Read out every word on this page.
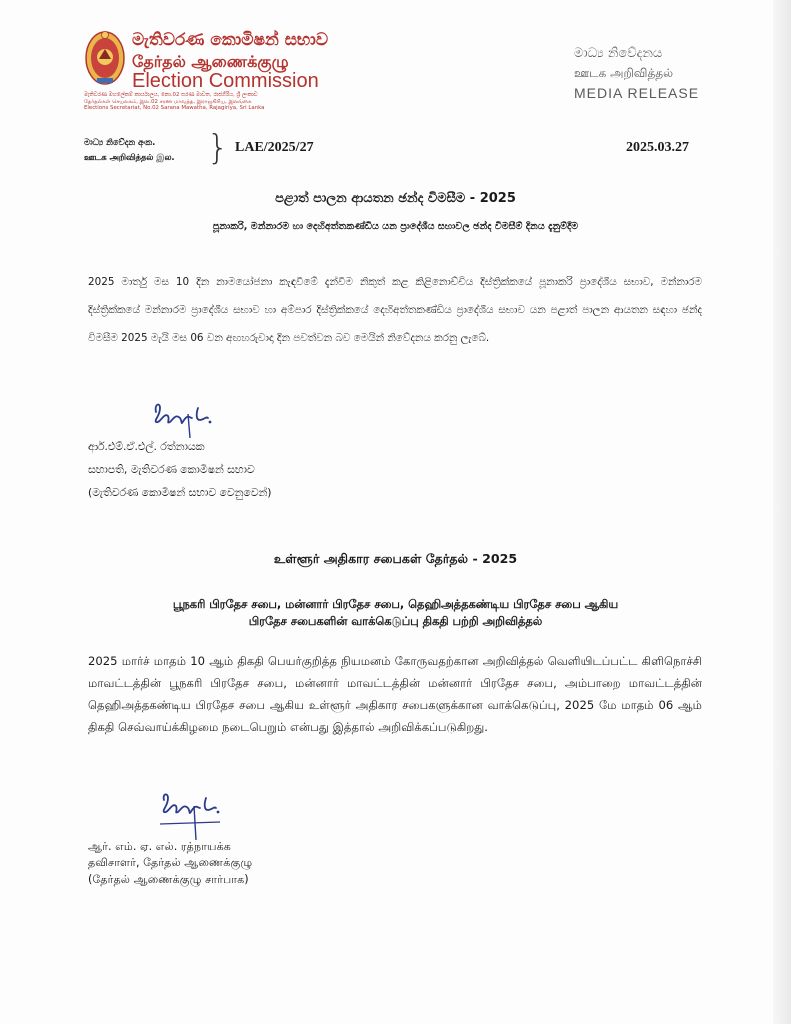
මැතිවරණ කොමිෂන් සභාව
தேர்தல் ஆணைக்குழு
Election Commission
මැතිවරණ මහලේකම් කාර්යාලය, නො.02 සරණ මාවත, රාජගිරිය, ශ්‍රී ලංකාව
தேர்தல்கள் செயலகம், இல.02 சரண மாவத்த, இராஜகிரிய, இலங்கை
Elections Secretariat, No.02 Sarana Mawatha, Rajagiriya, Sri Lanka
මාධ්‍ය නිවේදනය
ஊடக அறிவித்தல்
MEDIA RELEASE
මාධ්‍ය නිවේදන අංක.
ஊடக அறிவித்தல் இல. } LAE/2025/27	2025.03.27
පළාත් පාලන ආයතන ඡන්ද විමසීම - 2025
පූනාකරි, මන්නාරම හා දෙහිඅත්තකණ්ඩිය යන ප්‍රාදේශීය සභාවල ඡන්ද විමසීම් දිනය දැනුම්දීම
2025 මාර්තු මස 10 දින නාමයෝජනා කැඳවීමේ දැන්වීම නිකුත් කළ කිළිනොච්චිය දිස්ත්‍රික්කයේ පූනාකරි ප්‍රාදේශීය සභාව, මන්නාරම දිස්ත්‍රික්කයේ මන්නාරම ප්‍රාදේශීය සභාව හා අම්පාර දිස්ත්‍රික්කයේ දෙහිඅත්තකණ්ඩිය ප්‍රාදේශීය සභාව යන පළාත් පාලන ආයතන සඳහා ඡන්ද විමසීම 2025 මැයි මස 06 වන අඟහරුවාදා දින පවත්වන බව මෙයින් නිවේදනය කරනු ලැබේ.
ආර්.එම්.ඒ.එල්. රත්නායක
සභාපති, මැතිවරණ කොමිෂන් සභාව
(මැතිවරණ කොමිෂන් සභාව වෙනුවෙන්)
உள்ளூர் அதிகார சபைகள் தேர்தல் - 2025
பூநகரி பிரதேச சபை, மன்னார் பிரதேச சபை, தெஹிஅத்தகண்டிய பிரதேச சபை ஆகிய
பிரதேச சபைகளின் வாக்கெடுப்பு திகதி பற்றி அறிவித்தல்
2025 மார்ச் மாதம் 10 ஆம் திகதி பெயர்குறித்த நியமனம் கோருவதற்கான அறிவித்தல் வெளியிடப்பட்ட கிளிநொச்சி மாவட்டத்தின் பூநகரி பிரதேச சபை, மன்னார் மாவட்டத்தின் மன்னார் பிரதேச சபை, அம்பாறை மாவட்டத்தின் தெஹிஅத்தகண்டிய பிரதேச சபை ஆகிய உள்ளூர் அதிகார சபைகளுக்கான வாக்கெடுப்பு, 2025 மே மாதம் 06 ஆம் திகதி செவ்வாய்க்கிழமை நடைபெறும் என்பது இத்தால் அறிவிக்கப்படுகிறது.
ஆர். எம். ஏ. எல். ரத்நாயக்க
தவிசாளர், தேர்தல் ஆணைக்குழு
(தேர்தல் ஆணைக்குழு சார்பாக)
